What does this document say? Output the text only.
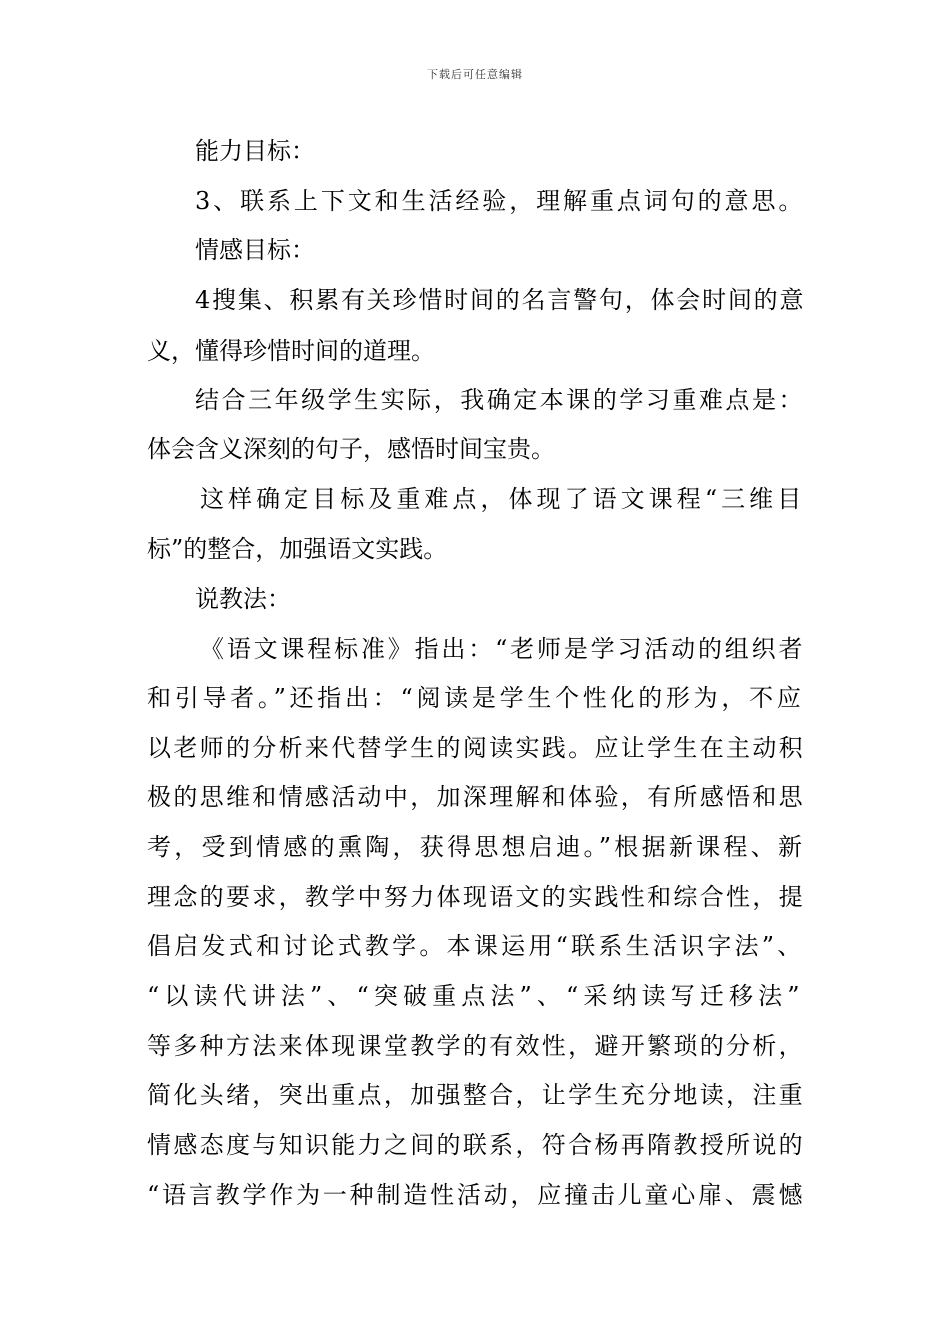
下载后可任意编辑
能力目标：
3、联系上下文和生活经验，理解重点词句的意思。
情感目标：
4搜集、积累有关珍惜时间的名言警句，体会时间的意
义，懂得珍惜时间的道理。
结合三年级学生实际，我确定本课的学习重难点是：
体会含义深刻的句子，感悟时间宝贵。
这样确定目标及重难点，体现了语文课程“三维目
标”的整合，加强语文实践。
说教法：
《语文课程标准》指出：“老师是学习活动的组织者
和引导者。”还指出：“阅读是学生个性化的形为，不应
以老师的分析来代替学生的阅读实践。应让学生在主动积
极的思维和情感活动中，加深理解和体验，有所感悟和思
考，受到情感的熏陶，获得思想启迪。”根据新课程、新
理念的要求，教学中努力体现语文的实践性和综合性，提
倡启发式和讨论式教学。本课运用“联系生活识字法”、
“以读代讲法”、“突破重点法”、“采纳读写迁移法”
等多种方法来体现课堂教学的有效性，避开繁琐的分析，
简化头绪，突出重点，加强整合，让学生充分地读，注重
情感态度与知识能力之间的联系，符合杨再隋教授所说的
“语言教学作为一种制造性活动，应撞击儿童心扉、震憾
